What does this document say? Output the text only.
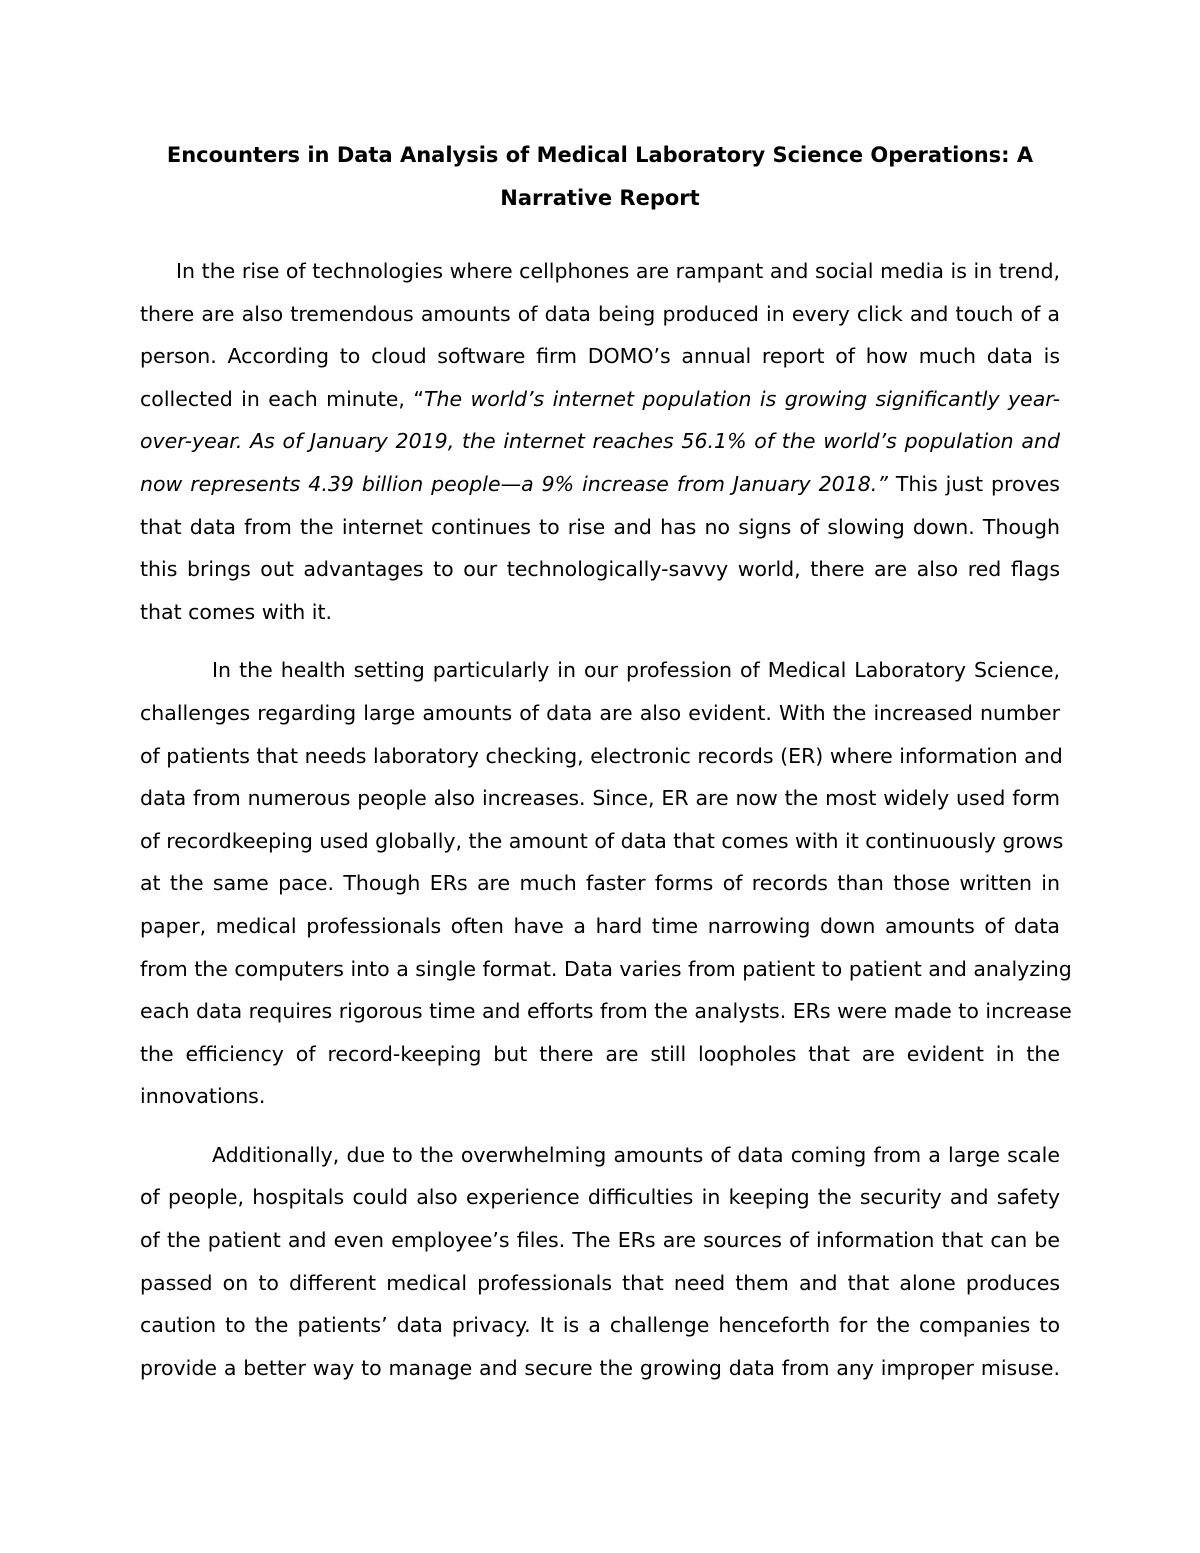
Encounters in Data Analysis of Medical Laboratory Science Operations: A
Narrative Report

In the rise of technologies where cellphones are rampant and social media is in trend,
there are also tremendous amounts of data being produced in every click and touch of a
person. According to cloud software firm DOMO’s annual report of how much data is
collected in each minute, “The world’s internet population is growing significantly year-
over-year. As of January 2019, the internet reaches 56.1% of the world’s population and
now represents 4.39 billion people—a 9% increase from January 2018.” This just proves
that data from the internet continues to rise and has no signs of slowing down. Though
this brings out advantages to our technologically-savvy world, there are also red flags
that comes with it.

In the health setting particularly in our profession of Medical Laboratory Science,
challenges regarding large amounts of data are also evident. With the increased number
of patients that needs laboratory checking, electronic records (ER) where information and
data from numerous people also increases. Since, ER are now the most widely used form
of recordkeeping used globally, the amount of data that comes with it continuously grows
at the same pace. Though ERs are much faster forms of records than those written in
paper, medical professionals often have a hard time narrowing down amounts of data
from the computers into a single format. Data varies from patient to patient and analyzing
each data requires rigorous time and efforts from the analysts. ERs were made to increase
the efficiency of record-keeping but there are still loopholes that are evident in the
innovations.

Additionally, due to the overwhelming amounts of data coming from a large scale
of people, hospitals could also experience difficulties in keeping the security and safety
of the patient and even employee’s files. The ERs are sources of information that can be
passed on to different medical professionals that need them and that alone produces
caution to the patients’ data privacy. It is a challenge henceforth for the companies to
provide a better way to manage and secure the growing data from any improper misuse.
